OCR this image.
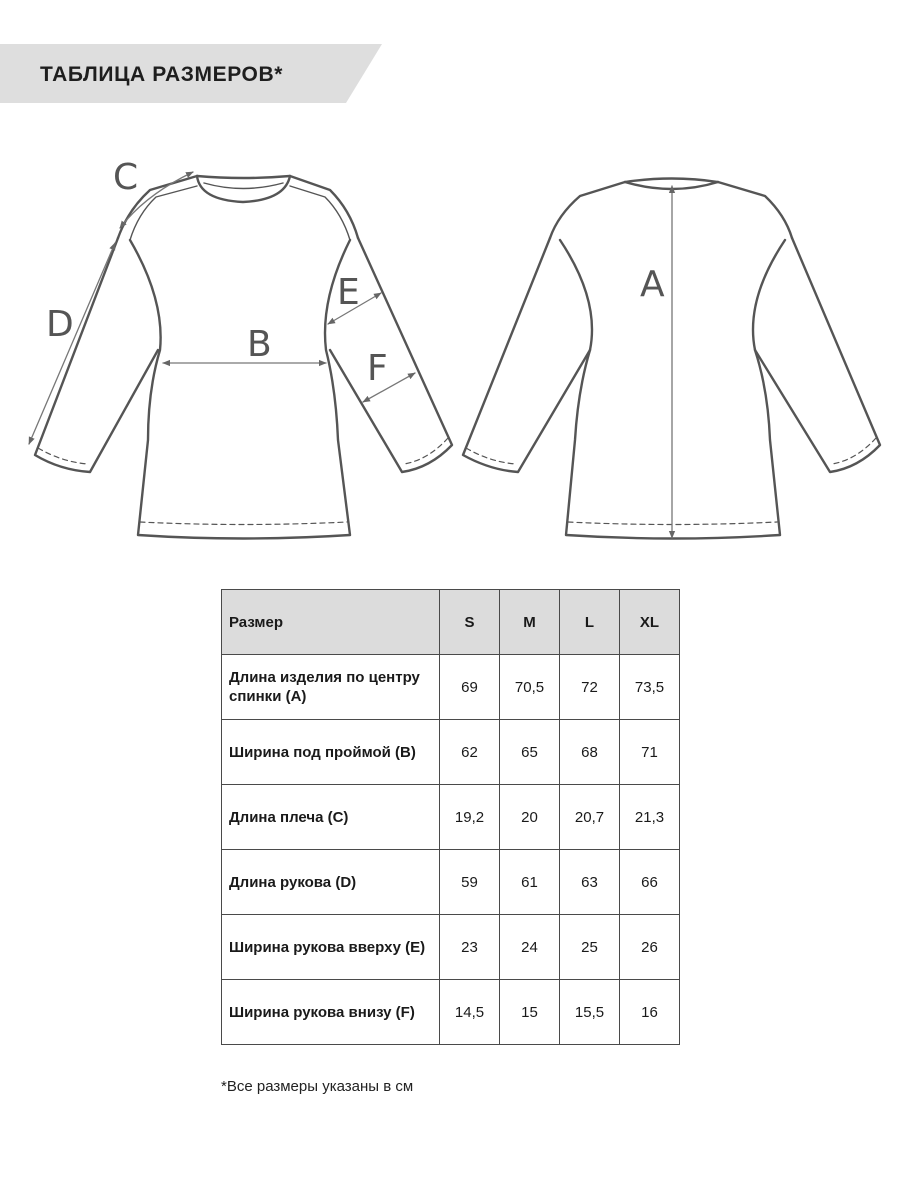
ТАБЛИЦА РАЗМЕРОВ*
C
D	B
E
F
A
Размер	S	M	L	XL
Длина изделия по центру спинки (A)	69	70,5	72	73,5
Ширина под проймой (B)	62	65	68	71
Длина плеча (C)	19,2	20	20,7	21,3
Длина рукова (D)	59	61	63	66
Ширина рукова вверху (E)	23	24	25	26
Ширина рукова внизу (F)	14,5	15	15,5	16
*Все размеры указаны в см
